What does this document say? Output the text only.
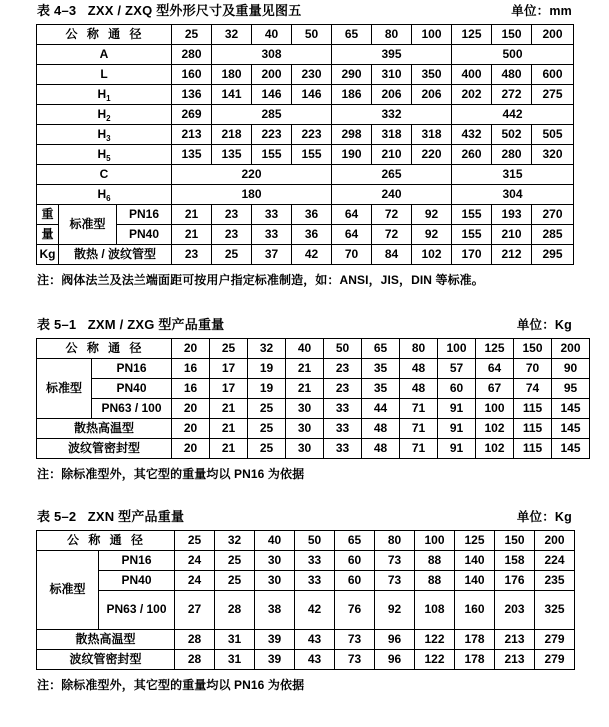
表 4–3   ZXX / ZXQ 型外形尺寸及重量见图五	单位：mm
公 称 通 径			25	32	40	50	65	80	100	125	150	200
A			280	308			395			500		
L			160	180	200	230	290	310	350	400	480	600
$H_1$			136	141	146	146	186	206	206	202	272	275
$H_2$			269	285			332			442		
$H_3$			213	218	223	223	298	318	318	432	502	505
$H_5$			135	135	155	155	190	210	220	260	280	320
C			220				265			315		
$H_6$			180				240			304		
重	标准型	PN16	21	23	33	36	64	72	92	155	193	270
量		PN40	21	23	33	36	64	72	92	155	210	285
Kg	散热 / 波纹管型		23	25	37	42	70	84	102	170	212	295
注：阀体法兰及法兰端面距可按用户指定标准制造，如：ANSI，JIS，DIN 等标准。
表 5–1   ZXM / ZXG 型产品重量	单位：Kg
公 称 通 径		20	25	32	40	50	65	80	100	125	150	200
标准型	PN16	16	17	19	21	23	35	48	57	64	70	90
	PN40	16	17	19	21	23	35	48	60	67	74	95
	PN63 / 100	20	21	25	30	33	44	71	91	100	115	145
散热高温型		20	21	25	30	33	48	71	91	102	115	145
波纹管密封型		20	21	25	30	33	48	71	91	102	115	145
注：除标准型外，其它型的重量均以 PN16 为依据
表 5–2   ZXN 型产品重量	单位：Kg
公 称 通 径		25	32	40	50	65	80	100	125	150	200
标准型	PN16	24	25	30	33	60	73	88	140	158	224
	PN40	24	25	30	33	60	73	88	140	176	235
	PN63 / 100	27	28	38	42	76	92	108	160	203	325
散热高温型		28	31	39	43	73	96	122	178	213	279
波纹管密封型		28	31	39	43	73	96	122	178	213	279
注：除标准型外，其它型的重量均以 PN16 为依据
